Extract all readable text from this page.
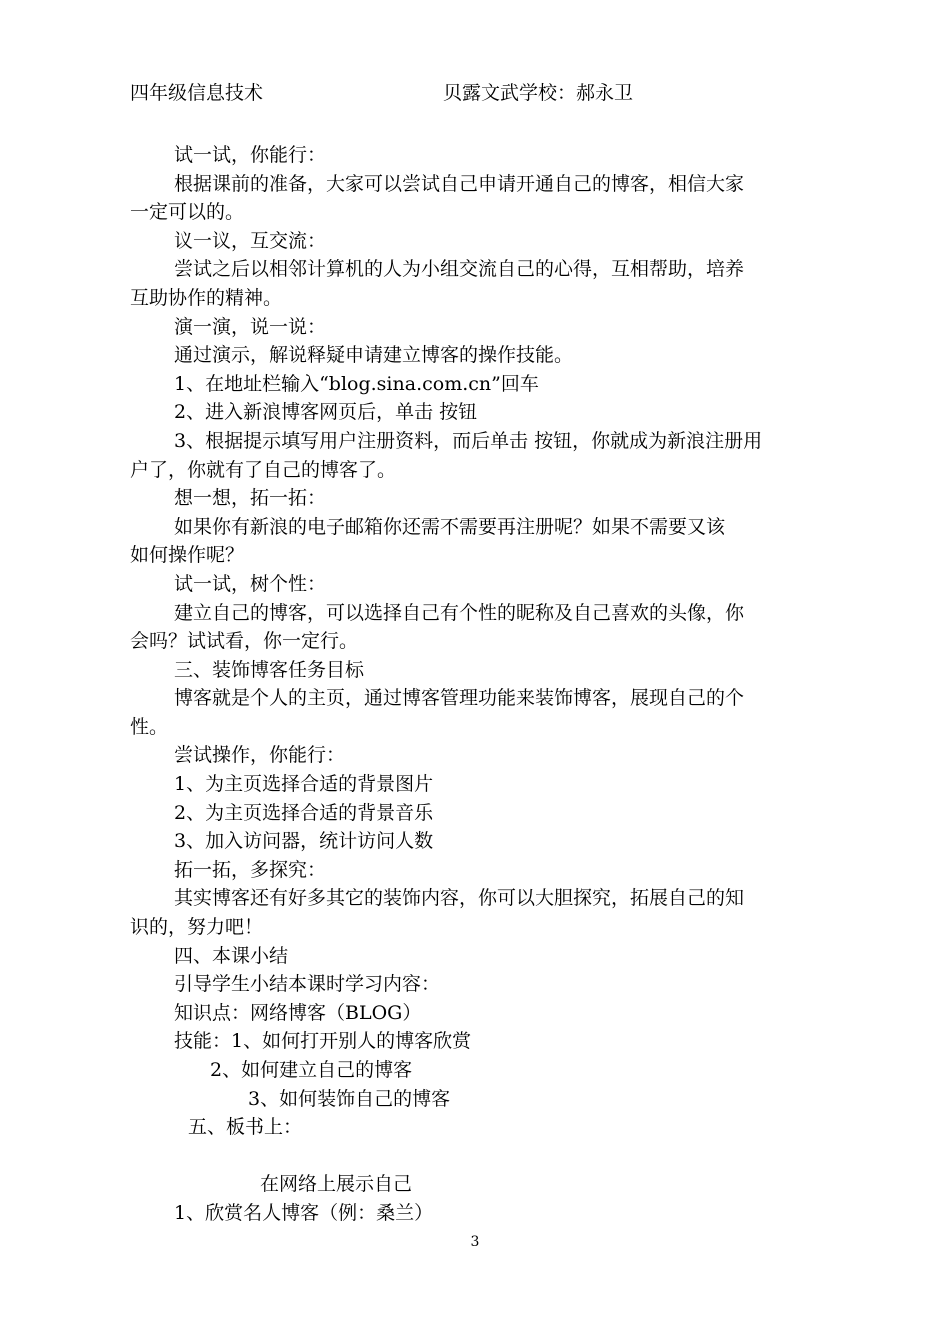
四年级信息技术	贝露文武学校：郝永卫
试一试，你能行：
根据课前的准备，大家可以尝试自己申请开通自己的博客，相信大家
一定可以的。
议一议，互交流：
尝试之后以相邻计算机的人为小组交流自己的心得，互相帮助，培养
互助协作的精神。
演一演，说一说：
通过演示，解说释疑申请建立博客的操作技能。
1、在地址栏输入“blog.sina.com.cn”回车
2、进入新浪博客网页后，单击 按钮
3、根据提示填写用户注册资料，而后单击 按钮，你就成为新浪注册用
户了，你就有了自己的博客了。
想一想，拓一拓：
如果你有新浪的电子邮箱你还需不需要再注册呢？如果不需要又该
如何操作呢？
试一试，树个性：
建立自己的博客，可以选择自己有个性的昵称及自己喜欢的头像，你
会吗？试试看，你一定行。
三、装饰博客任务目标
博客就是个人的主页，通过博客管理功能来装饰博客，展现自己的个
性。
尝试操作，你能行：
1、为主页选择合适的背景图片
2、为主页选择合适的背景音乐
3、加入访问器，统计访问人数
拓一拓，多探究：
其实博客还有好多其它的装饰内容，你可以大胆探究，拓展自己的知
识的，努力吧！
四、本课小结
引导学生小结本课时学习内容：
知识点：网络博客（BLOG）
技能：1、如何打开别人的博客欣赏
2、如何建立自己的博客
3、如何装饰自己的博客
五、板书上：
在网络上展示自己
1、欣赏名人博客（例：桑兰）
3
